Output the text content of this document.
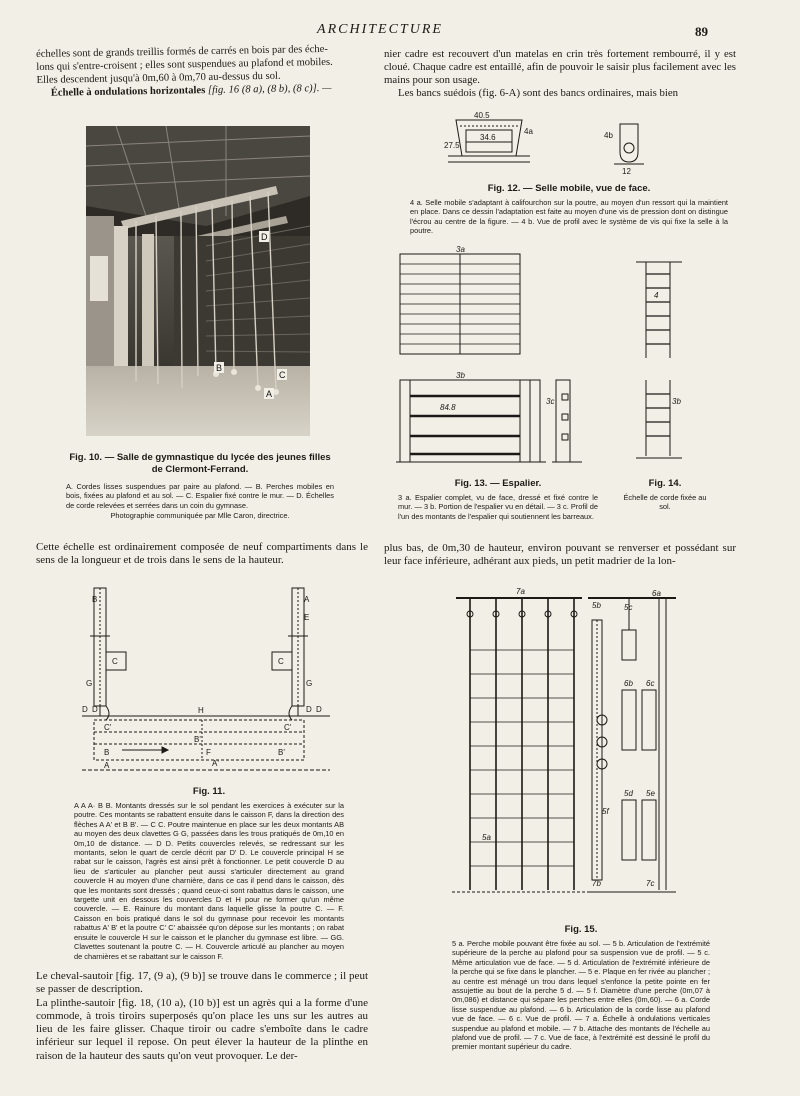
ARCHITECTURE	89
échelles sont de grands treillis formés de carrés en bois par des éche-
lons qui s'entre-croisent ; elles sont suspendues au plafond et mobiles.
Elles descendent jusqu'à 0m,60 à 0m,70 au-dessus du sol.
Échelle à ondulations horizontales [fig. 16 (8 a), (8 b), (8 c)]. —
D
B
C
A
Fig. 10. — Salle de gymnastique du lycée des jeunes filles de Clermont-Ferrand.
A. Cordes lisses suspendues par paire au plafond. — B. Perches mobiles en bois, fixées au plafond et au sol. — C. Espalier fixé contre le mur. — D. Échelles de corde relevées et serrées dans un coin du gymnase.
Photographie communiquée par Mlle Caron, directrice.
Cette échelle est ordinairement composée de neuf compartiments dans le sens de la longueur et de trois dans le sens de la hauteur.
B	A
E
C	C
G	G
D D	D D
H
C'	C'
B'
A'
F
B
A
B'
Fig. 11.
A A A· B B. Montants dressés sur le sol pendant les exercices à exécuter sur la poutre. Ces montants se rabattent ensuite dans le caisson F, dans la direction des flèches A A' et B B'. — C C. Poutre maintenue en place sur les deux montants AB au moyen des deux clavettes G G, passées dans les trous pratiqués de 0m,10 en 0m,10 de distance. — D D. Petits couvercles relevés, se redressant sur les montants, selon le quart de cercle décrit par D' D. Le couvercle principal H se rabat sur le caisson, l'agrès est ainsi prêt à fonctionner. Le petit couvercle D au lieu de s'articuler au plancher peut aussi s'articuler directement au grand couvercle H au moyen d'une charnière, dans ce cas il pend dans le caisson, dès que les montants sont dressés ; quand ceux-ci sont rabattus dans le caisson, une targette unit en dessous les couvercles D et H pour ne former qu'un même couvercle. — E. Rainure du montant dans laquelle glisse la poutre C. — F. Caisson en bois pratiqué dans le sol du gymnase pour recevoir les montants rabattus A' B' et la poutre C' C' abaissée qu'on dépose sur les montants ; on rabat ensuite le couvercle H sur le caisson et le plancher du gymnase est libre. — GG. Clavettes soutenant la poutre C. — H. Couvercle articulé au plancher au moyen de charnières et se rabattant sur le caisson F.
Le cheval-sautoir [fig. 17, (9 a), (9 b)] se trouve dans le commerce ; il peut se passer de description.
La plinthe-sautoir [fig. 18, (10 a), (10 b)] est un agrès qui a la forme d'une commode, à trois tiroirs superposés qu'on place les uns sur les autres au lieu de les faire glisser. Chaque tiroir ou cadre s'emboîte dans le cadre inférieur sur lequel il repose. On peut élever la hauteur de la plinthe en raison de la hauteur des sauts qu'on veut provoquer. Le der-
nier cadre est recouvert d'un matelas en crin très fortement rembourré, il y est cloué. Chaque cadre est entaillé, afin de pouvoir le saisir plus facilement avec les mains pour son usage.
Les bancs suédois (fig. 6-A) sont des bancs ordinaires, mais bien
40.5
34.6
27.5
4a	4b
12
Fig. 12. — Selle mobile, vue de face.
4 a. Selle mobile s'adaptant à califourchon sur la poutre, au moyen d'un ressort qui la maintient en place. Dans ce dessin l'adaptation est faite au moyen d'une vis de pression dont on distingue l'écrou au centre de la figure. — 4 b. Vue de profil avec le système de vis qui fixe la selle à la poutre.
3a
3b
3c
84.8
Fig. 13. — Espalier.
3 a. Espalier complet, vu de face, dressé et fixé contre le mur. — 3 b. Portion de l'espalier vu en détail. — 3 c. Profil de l'un des montants de l'espalier qui soutiennent les barreaux.
4
3b
Fig. 14.
Échelle de corde fixée au sol.
plus bas, de 0m,30 de hauteur, environ pouvant se renverser et possédant sur leur face inférieure, adhérant aux pieds, un petit madrier de la lon-
7a
5b	5c
6a
6b 6c
5d 5e
5f
5a
7b	7c
Fig. 15.
5 a. Perche mobile pouvant être fixée au sol. — 5 b. Articulation de l'extrémité supérieure de la perche au plafond pour sa suspension vue de profil. — 5 c. Même articulation vue de face. — 5 d. Articulation de l'extrémité inférieure de la perche qui se fixe dans le plancher. — 5 e. Plaque en fer rivée au plancher ; au centre est ménagé un trou dans lequel s'enfonce la petite pointe en fer assujettie au bout de la perche 5 d. — 5 f. Diamètre d'une perche (0m,07 à 0m,086) et distance qui sépare les perches entre elles (0m,60). — 6 a. Corde lisse suspendue au plafond. — 6 b. Articulation de la corde lisse au plafond vue de face. — 6 c. Vue de profil. — 7 a. Échelle à ondulations verticales suspendue au plafond et mobile. — 7 b. Attache des montants de l'échelle au plafond vue de profil. — 7 c. Vue de face, à l'extrémité est dessiné le profil du premier montant supérieur du cadre.
